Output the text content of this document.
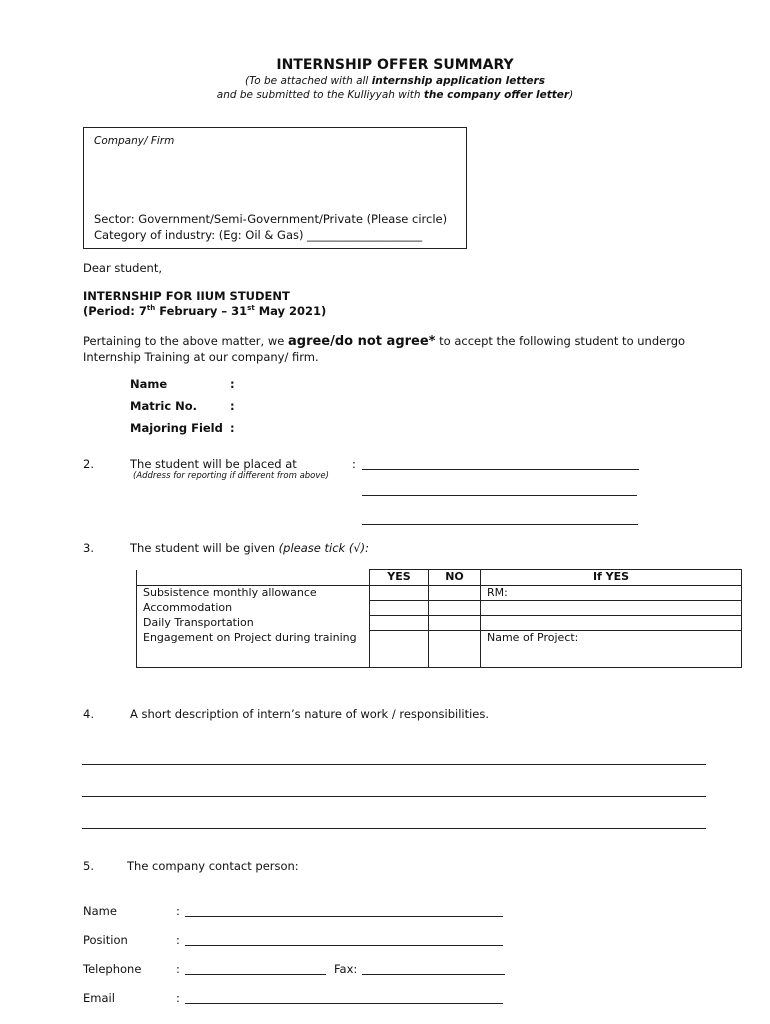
INTERNSHIP OFFER SUMMARY
(To be attached with all internship application letters
and be submitted to the Kulliyyah with the company offer letter)
Company/ Firm
Sector: Government/Semi-Government/Private (Please circle)
Category of industry: (Eg: Oil & Gas) ____________________
Dear student,
INTERNSHIP FOR IIUM STUDENT
(Period: 7th February – 31st May 2021)
Pertaining to the above matter, we agree/do not agree* to accept the following student to undergo
Internship Training at our company/ firm.
Name	:
Matric No.	:
Majoring Field :
2.	The student will be placed at
(Address for reporting if different from above)
:
3.	The student will be given (please tick (√):
	YES	NO	If YES
Subsistence monthly allowance			RM:
Accommodation			
Daily Transportation			
Engagement on Project during training			Name of Project:
4.	A short description of intern’s nature of work / responsibilities.
5.	The company contact person:
Name	:
Position	:
Telephone	:	Fax:
Email	:
